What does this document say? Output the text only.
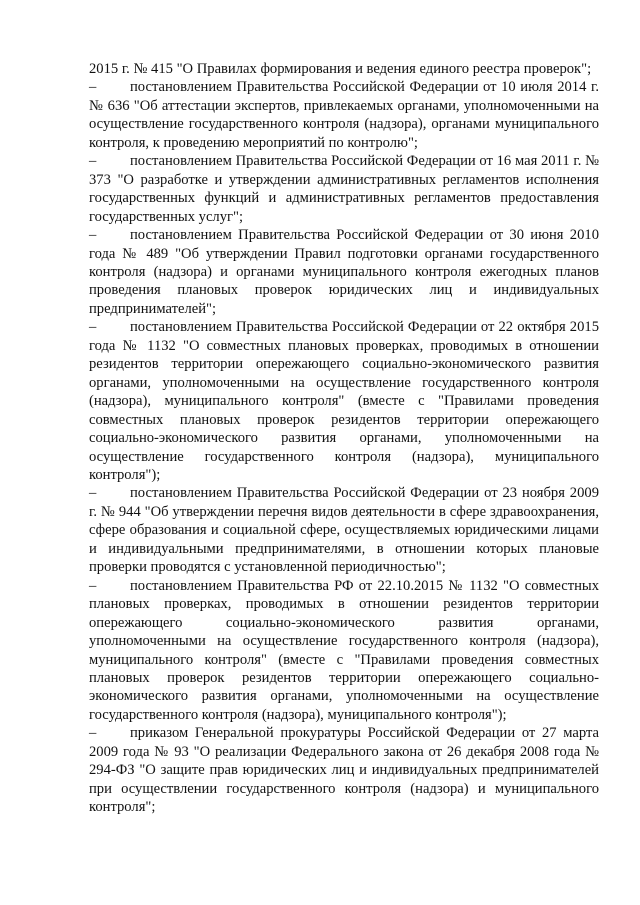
2015 г. № 415 "О Правилах формирования и ведения единого реестра проверок";

– постановлением Правительства Российской Федерации от 10 июля 2014 г. № 636 "Об аттестации экспертов, привлекаемых органами, уполномоченными на осуществление государственного контроля (надзора), органами муниципального контроля, к проведению мероприятий по контролю";

– постановлением Правительства Российской Федерации от 16 мая 2011 г. № 373 "О разработке и утверждении административных регламентов исполнения государственных функций и административных регламентов предоставления государственных услуг";

– постановлением Правительства Российской Федерации от 30 июня 2010 года № 489 "Об утверждении Правил подготовки органами государственного контроля (надзора) и органами муниципального контроля ежегодных планов проведения плановых проверок юридических лиц и индивидуальных предпринимателей";

– постановлением Правительства Российской Федерации от 22 октября 2015 года № 1132 "О совместных плановых проверках, проводимых в отношении резидентов территории опережающего социально-экономического развития органами, уполномоченными на осуществление государственного контроля (надзора), муниципального контроля" (вместе с "Правилами проведения совместных плановых проверок резидентов территории опережающего социально-экономического развития органами, уполномоченными на осуществление государственного контроля (надзора), муниципального контроля");

– постановлением Правительства Российской Федерации от 23 ноября 2009 г. № 944 "Об утверждении перечня видов деятельности в сфере здравоохранения, сфере образования и социальной сфере, осуществляемых юридическими лицами и индивидуальными предпринимателями, в отношении которых плановые проверки проводятся с установленной периодичностью";

– постановлением Правительства РФ от 22.10.2015 № 1132 "О совместных плановых проверках, проводимых в отношении резидентов территории опережающего социально-экономического развития органами, уполномоченными на осуществление государственного контроля (надзора), муниципального контроля" (вместе с "Правилами проведения совместных плановых проверок резидентов территории опережающего социально-экономического развития органами, уполномоченными на осуществление государственного контроля (надзора), муниципального контроля");

– приказом Генеральной прокуратуры Российской Федерации от 27 марта 2009 года № 93 "О реализации Федерального закона от 26 декабря 2008 года № 294-ФЗ "О защите прав юридических лиц и индивидуальных предпринимателей при осуществлении государственного контроля (надзора) и муниципального контроля";
